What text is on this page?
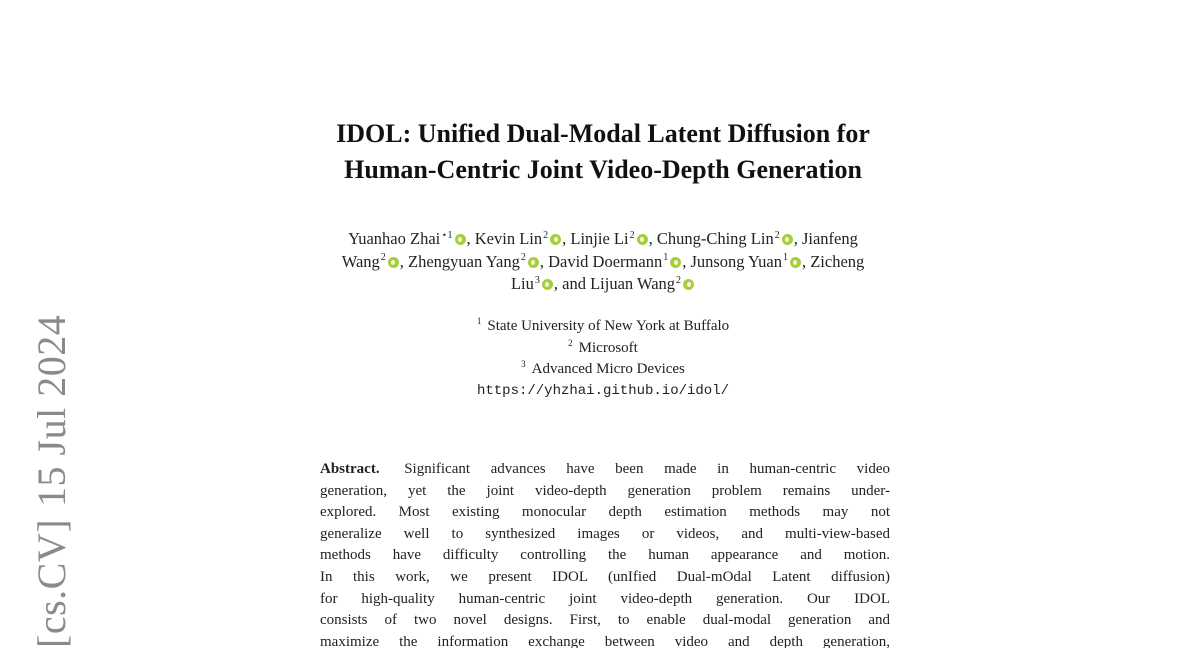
[cs.CV]15 Jul 2024
IDOL: Unified Dual-Modal Latent Diffusion for
Human-Centric Joint Video-Depth Generation
Yuanhao Zhai$^{⋆1}$ , Kevin Lin$^2$ , Linjie Li$^2$ , Chung-Ching Lin$^2$ , Jianfeng
Wang$^2$ , Zhengyuan Yang$^2$ , David Doermann$^1$ , Junsong Yuan$^1$ , Zicheng
Liu$^3$ , and Lijuan Wang$^2$
$^1$ State University of New York at Buffalo
$^2$ Microsoft
$^3$ Advanced Micro Devices
https://yhzhai.github.io/idol/
Abstract. Significant advances have been made in human-centric video
generation, yet the joint video-depth generation problem remains under-
explored. Most existing monocular depth estimation methods may not
generalize well to synthesized images or videos, and multi-view-based
methods have difficulty controlling the human appearance and motion.
In this work, we present IDOL (unIfied Dual-mOdal Latent diffusion)
for high-quality human-centric joint video-depth generation. Our IDOL
consists of two novel designs. First, to enable dual-modal generation and
maximize the information exchange between video and depth generation,
